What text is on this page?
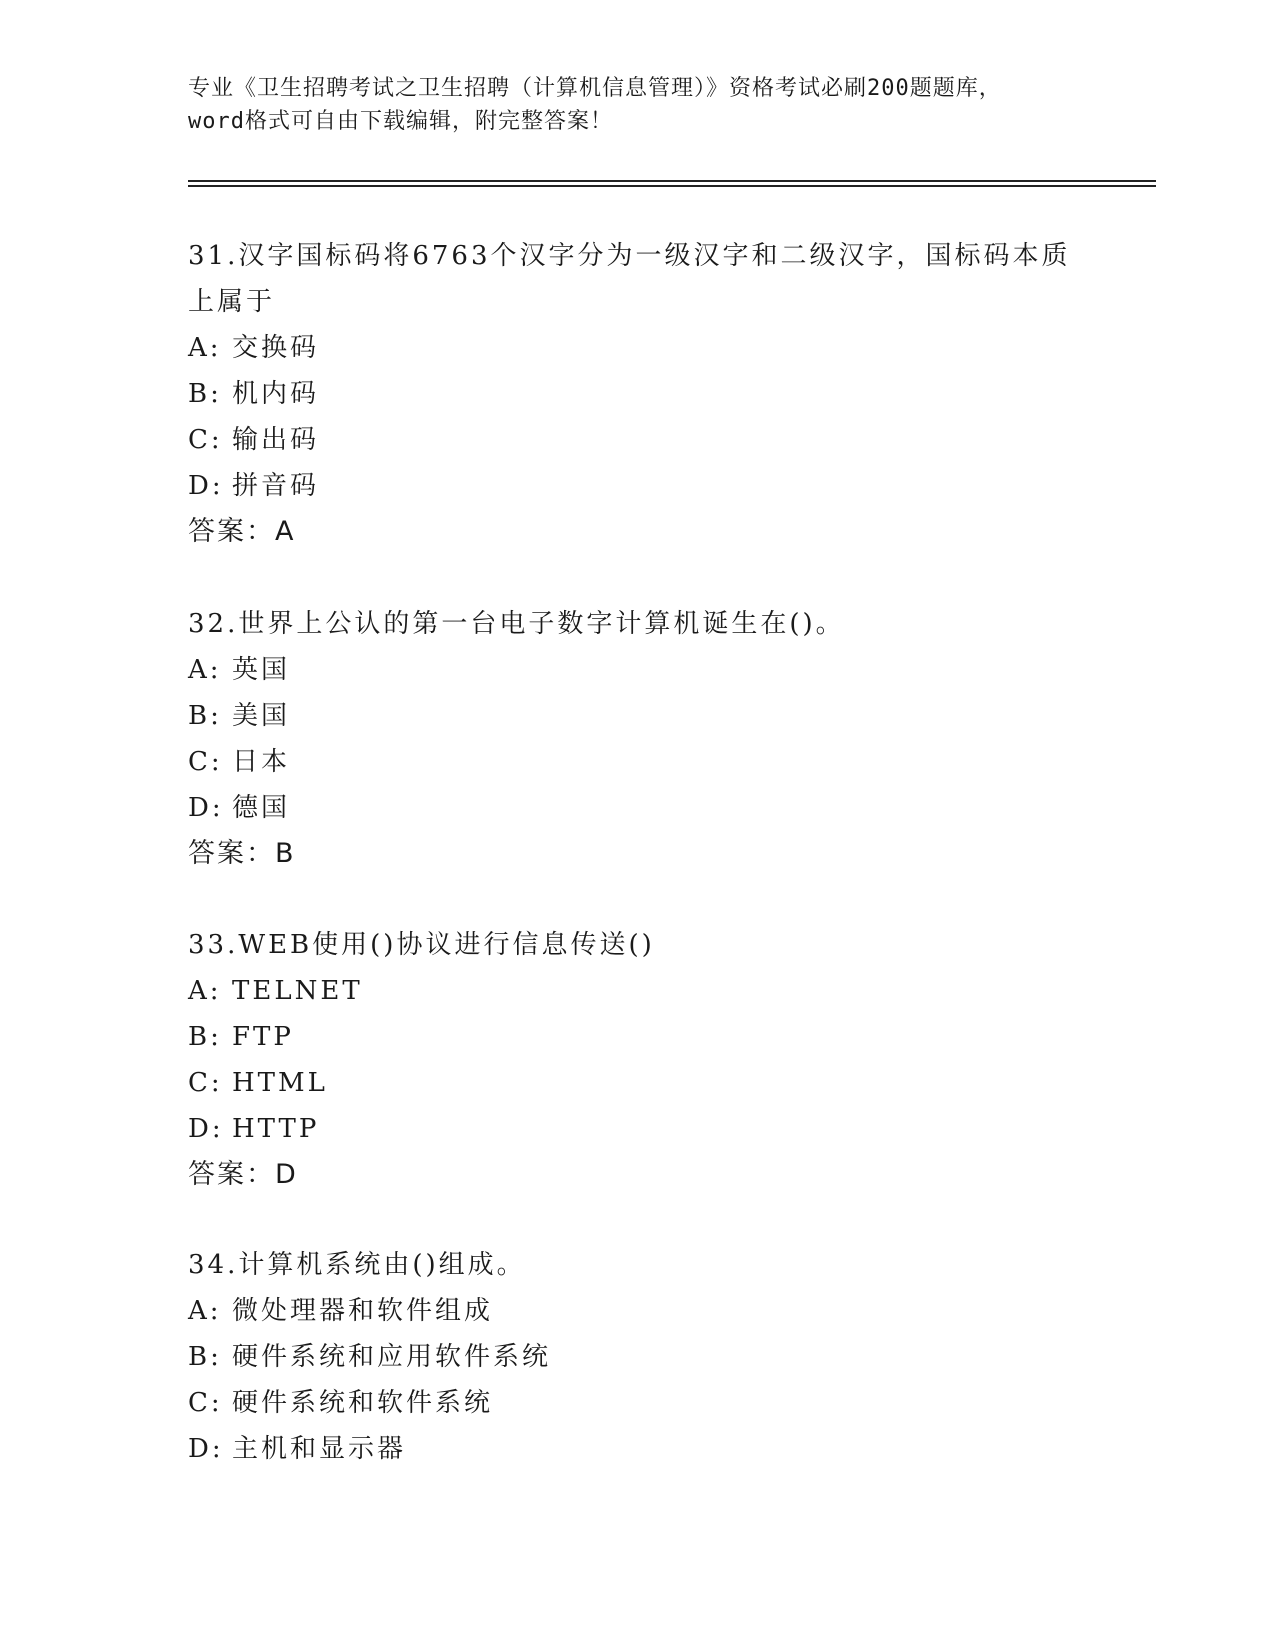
专业《卫生招聘考试之卫生招聘（计算机信息管理）》资格考试必刷200题题库，
word格式可自由下载编辑，附完整答案！
31.汉字国标码将6763个汉字分为一级汉字和二级汉字，国标码本质
上属于
A: 交换码
B: 机内码
C: 输出码
D: 拼音码
答案：A
32.世界上公认的第一台电子数字计算机诞生在()。
A: 英国
B: 美国
C: 日本
D: 德国
答案：B
33.WEB使用()协议进行信息传送()
A: TELNET
B: FTP
C: HTML
D: HTTP
答案：D
34.计算机系统由()组成。
A: 微处理器和软件组成
B: 硬件系统和应用软件系统
C: 硬件系统和软件系统
D: 主机和显示器
